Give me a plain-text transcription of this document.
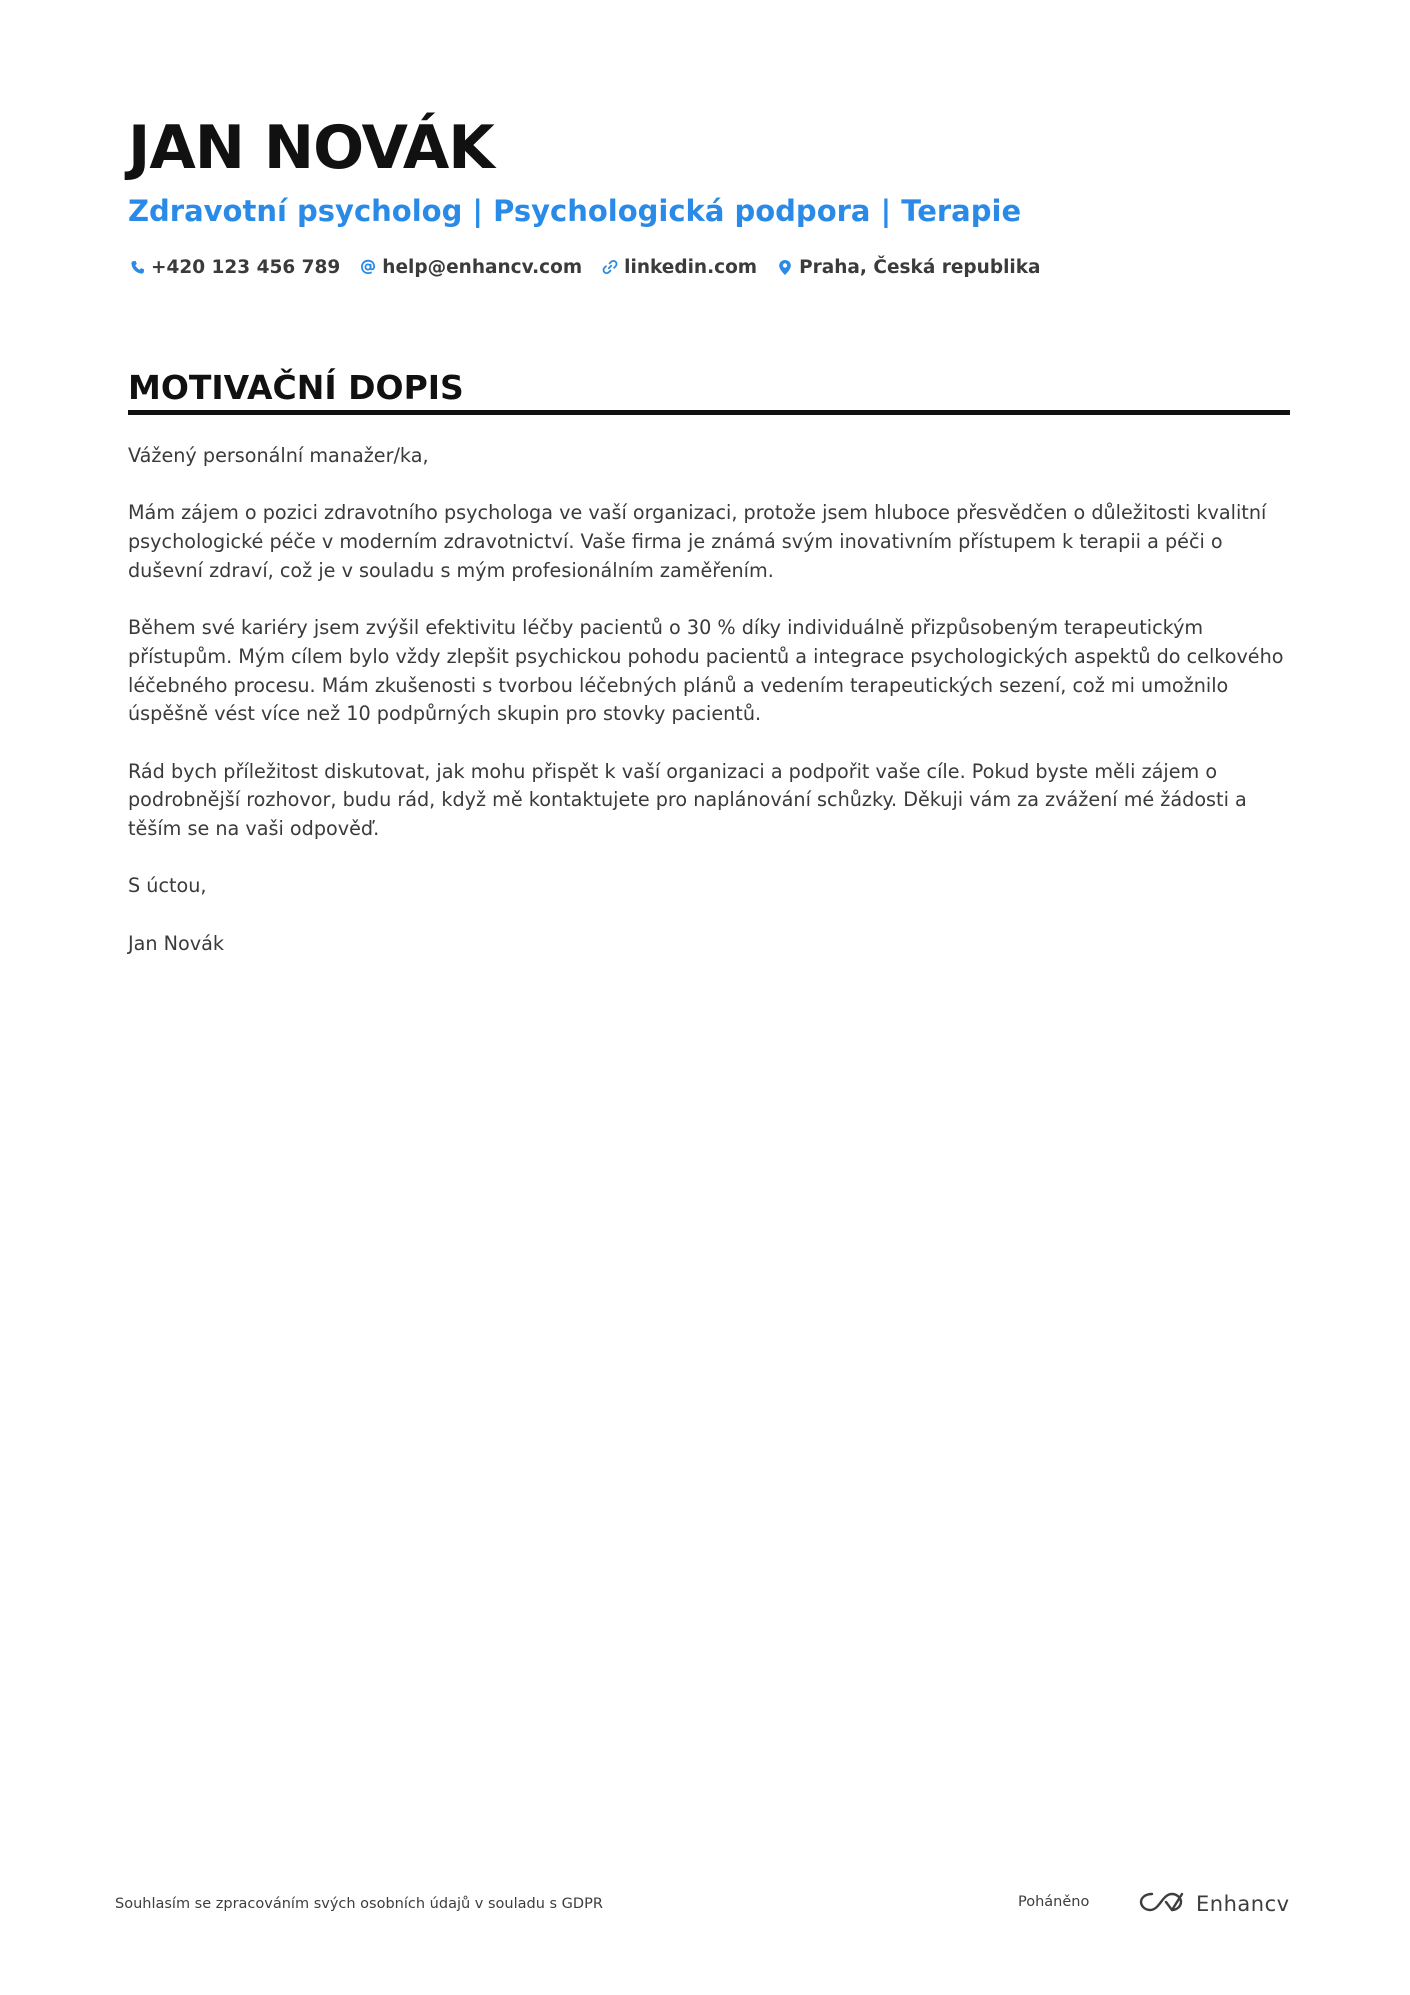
JAN NOVÁK
Zdravotní psycholog | Psychologická podpora | Terapie
+420 123 456 789 help@enhancv.com linkedin.com Praha, Česká republika
MOTIVAČNÍ DOPIS

Vážený personální manažer/ka,

Mám zájem o pozici zdravotního psychologa ve vaší organizaci, protože jsem hluboce přesvědčen o důležitosti kvalitní psychologické péče v moderním zdravotnictví. Vaše firma je známá svým inovativním přístupem k terapii a péči o duševní zdraví, což je v souladu s mým profesionálním zaměřením.

Během své kariéry jsem zvýšil efektivitu léčby pacientů o 30 % díky individuálně přizpůsobeným terapeutickým přístupům. Mým cílem bylo vždy zlepšit psychickou pohodu pacientů a integrace psychologických aspektů do celkového léčebného procesu. Mám zkušenosti s tvorbou léčebných plánů a vedením terapeutických sezení, což mi umožnilo úspěšně vést více než 10 podpůrných skupin pro stovky pacientů.

Rád bych příležitost diskutovat, jak mohu přispět k vaší organizaci a podpořit vaše cíle. Pokud byste měli zájem o podrobnější rozhovor, budu rád, když mě kontaktujete pro naplánování schůzky. Děkuji vám za zvážení mé žádosti a těším se na vaši odpověď.

S úctou,

Jan Novák

Souhlasím se zpracováním svých osobních údajů v souladu s GDPR	Poháněno	Enhancv
